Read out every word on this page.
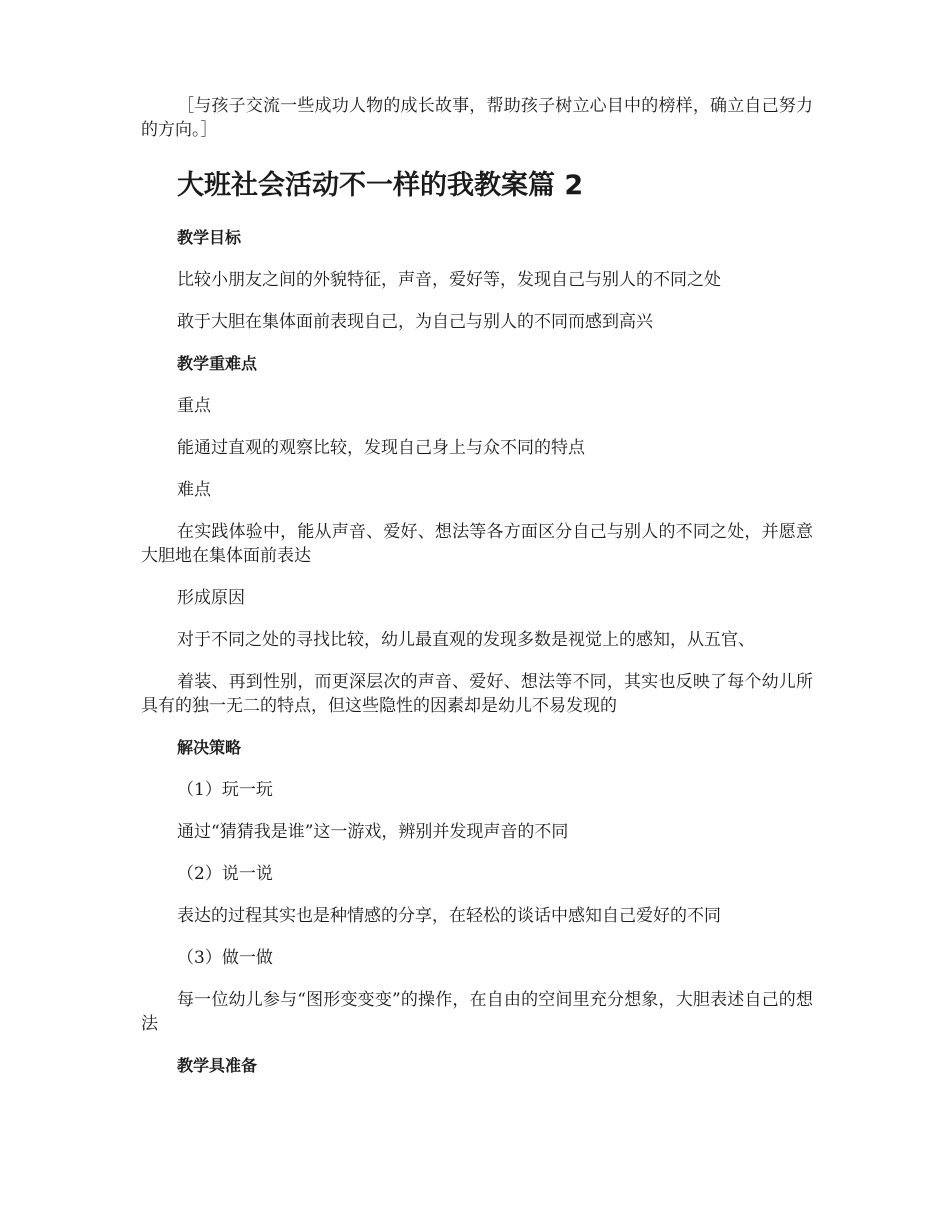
［与孩子交流一些成功人物的成长故事，帮助孩子树立心目中的榜样，确立自己努力的方向。］

大班社会活动不一样的我教案篇 2
教学目标

比较小朋友之间的外貌特征，声音，爱好等，发现自己与别人的不同之处

敢于大胆在集体面前表现自己，为自己与别人的不同而感到高兴

教学重难点

重点

能通过直观的观察比较，发现自己身上与众不同的特点

难点

在实践体验中，能从声音、爱好、想法等各方面区分自己与别人的不同之处，并愿意大胆地在集体面前表达

形成原因

对于不同之处的寻找比较，幼儿最直观的发现多数是视觉上的感知，从五官、

着装、再到性别，而更深层次的声音、爱好、想法等不同，其实也反映了每个幼儿所具有的独一无二的特点，但这些隐性的因素却是幼儿不易发现的

解决策略

（1）玩一玩

通过“猜猜我是谁”这一游戏，辨别并发现声音的不同

（2）说一说

表达的过程其实也是种情感的分享，在轻松的谈话中感知自己爱好的不同

（3）做一做

每一位幼儿参与“图形变变变”的操作，在自由的空间里充分想象，大胆表述自己的想法

教学具准备
